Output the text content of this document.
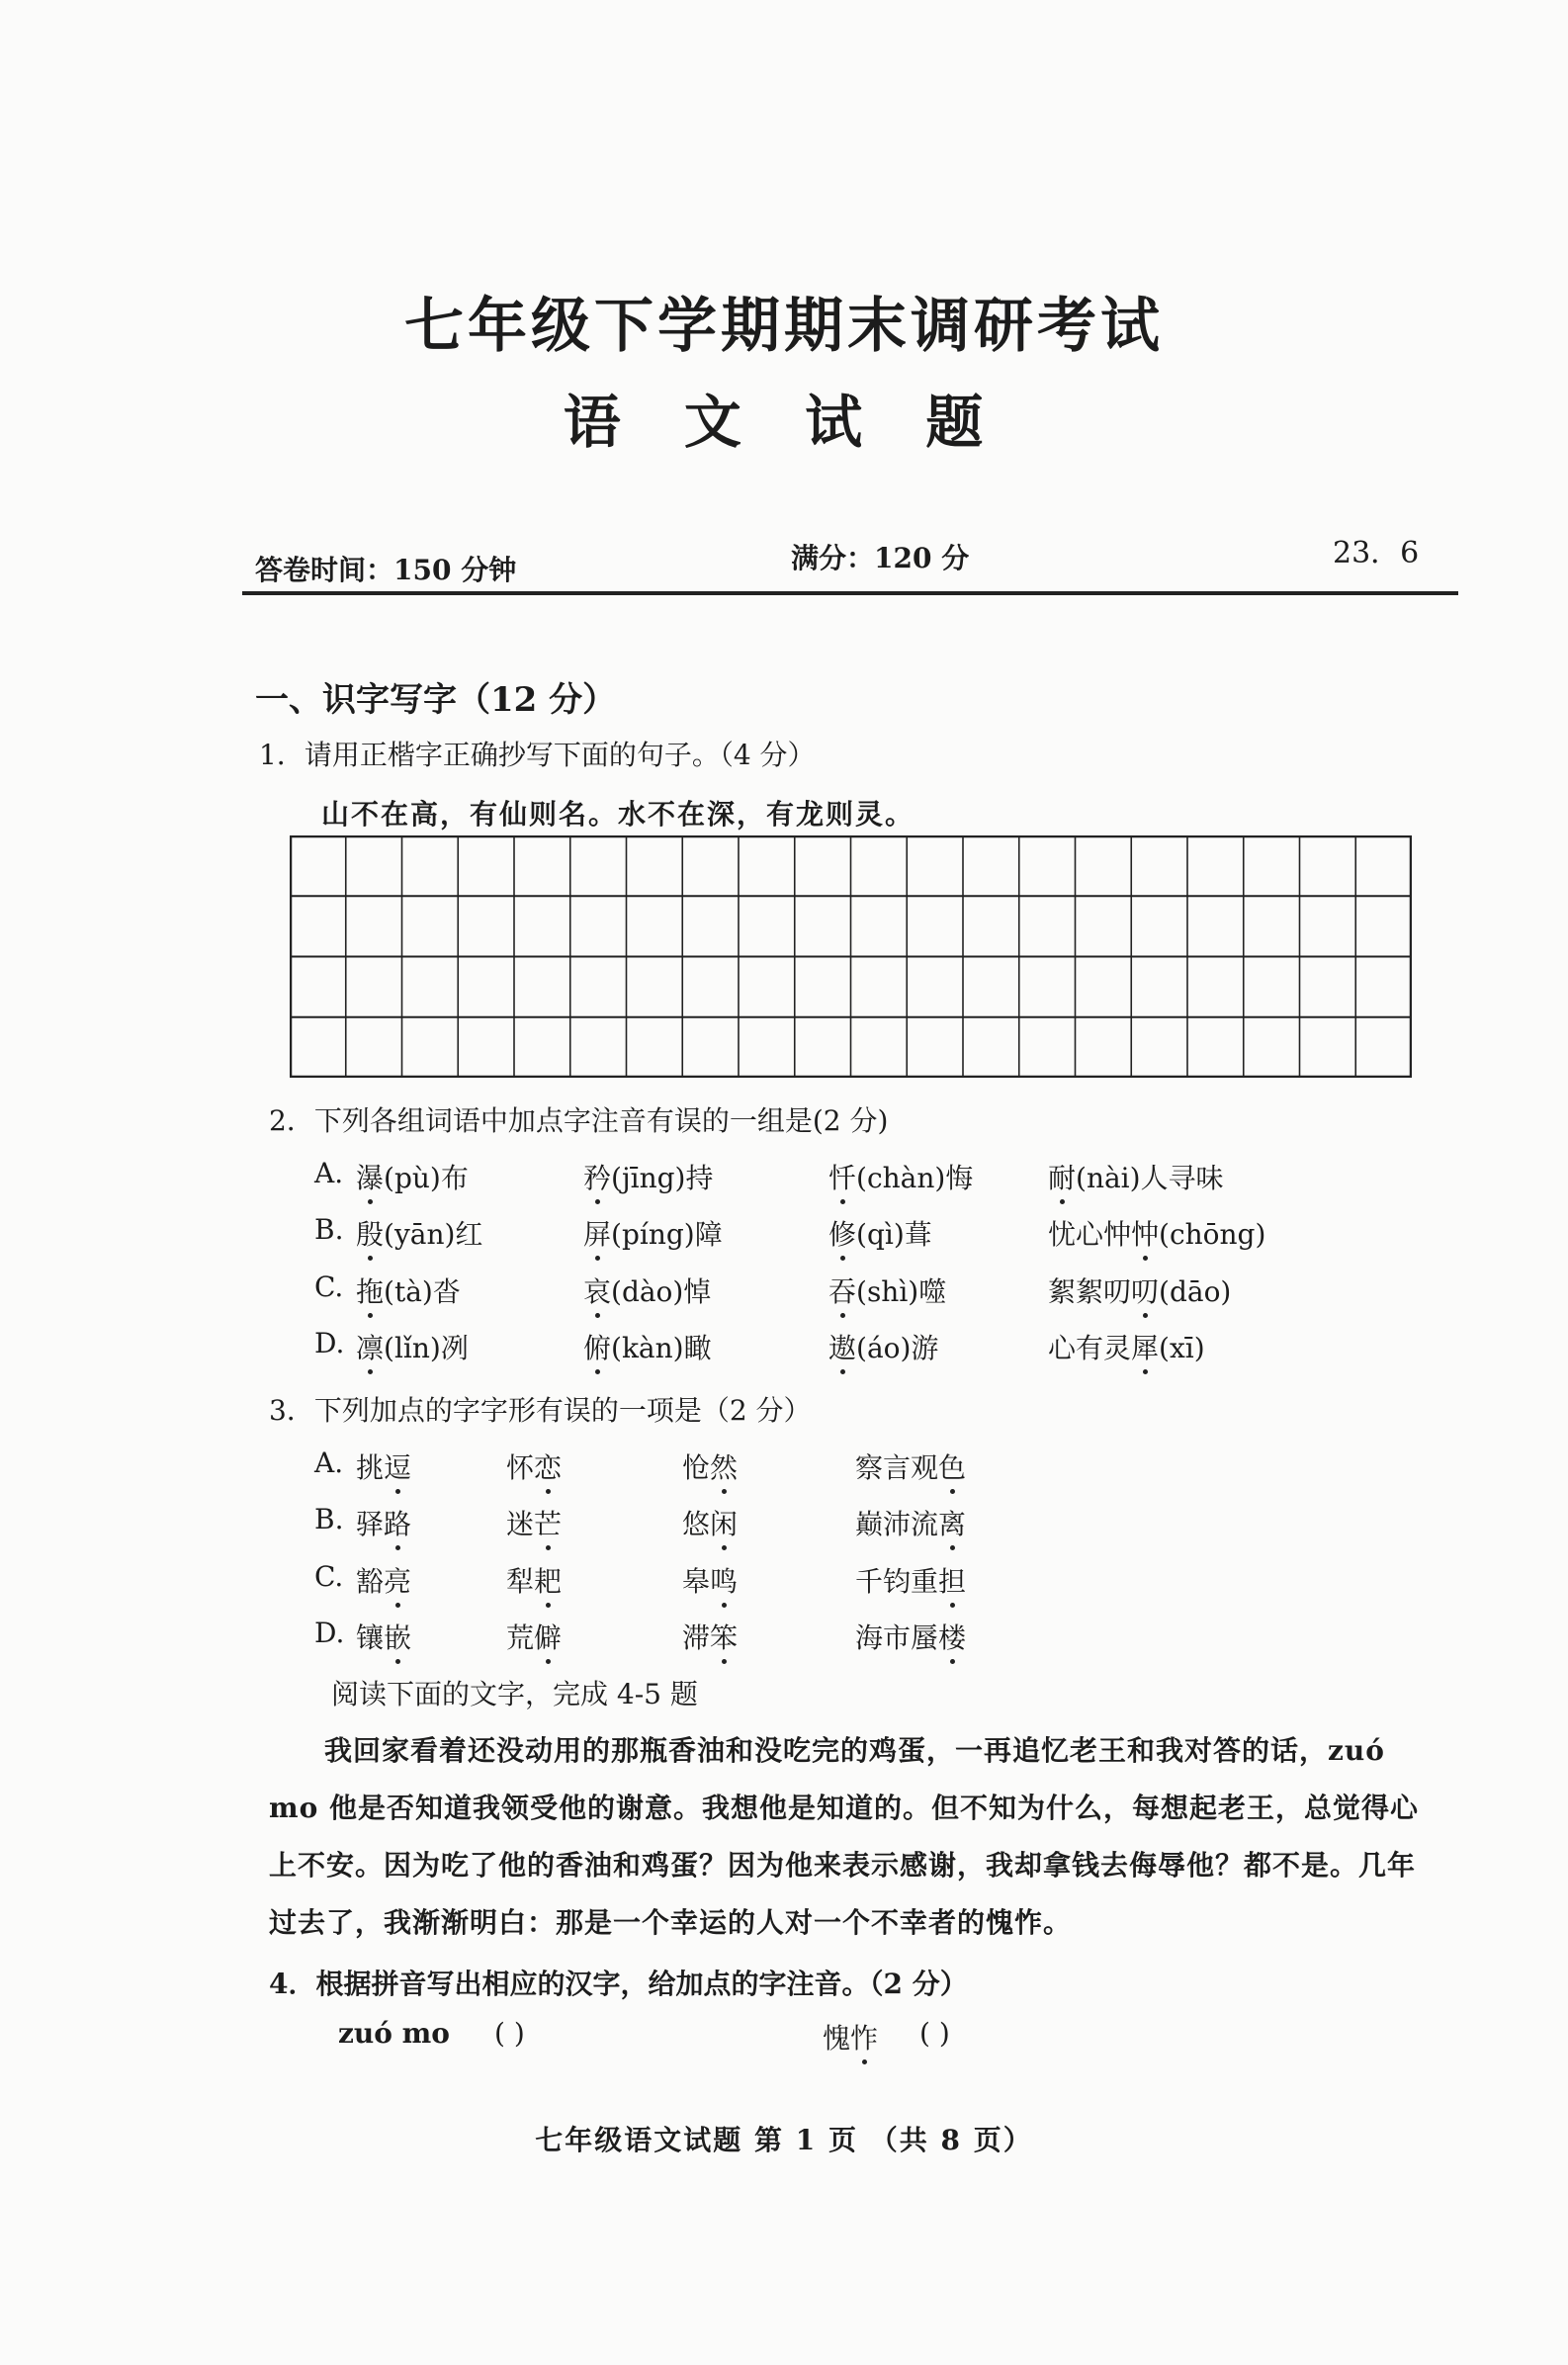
七年级下学期期末调研考试
语 文 试 题
答卷时间：150 分钟	满分：120 分	23．6
一、识字写字（12 分）
1．请用正楷字正确抄写下面的句子。（4 分）
山不在高，有仙则名。水不在深，有龙则灵。
2．下列各组词语中加点字注音有误的一组是(2 分)
A. 瀑(pù)布	矜(jīng)持	忏(chàn)悔	耐(nài)人寻味
B. 殷(yān)红	屏(píng)障	修(qì)葺	忧心忡忡(chōng)
C. 拖(tà)沓	哀(dào)悼	吞(shì)噬	絮絮叨叨(dāo)
D. 凛(lǐn)冽	俯(kàn)瞰	遨(áo)游	心有灵犀(xī)
3．下列加点的字字形有误的一项是（2 分）
A. 挑逗	怀恋	怆然	察言观色
B. 驿路	迷芒	悠闲	巅沛流离
C. 豁亮	犁耙	皋鸣	千钧重担
D. 镶嵌	荒僻	滞笨	海市蜃楼
阅读下面的文字，完成 4-5 题
我回家看着还没动用的那瓶香油和没吃完的鸡蛋，一再追忆老王和我对答的话，zuó mo 他是否知道我领受他的谢意。我想他是知道的。但不知为什么，每想起老王，总觉得心上不安。因为吃了他的香油和鸡蛋？因为他来表示感谢，我却拿钱去侮辱他？都不是。几年过去了，我渐渐明白：那是一个幸运的人对一个不幸者的愧怍。
4．根据拼音写出相应的汉字，给加点的字注音。（2 分）
zuó mo ( )	愧怍 ( )
七年级语文试题 第 1 页 （共 8 页）
